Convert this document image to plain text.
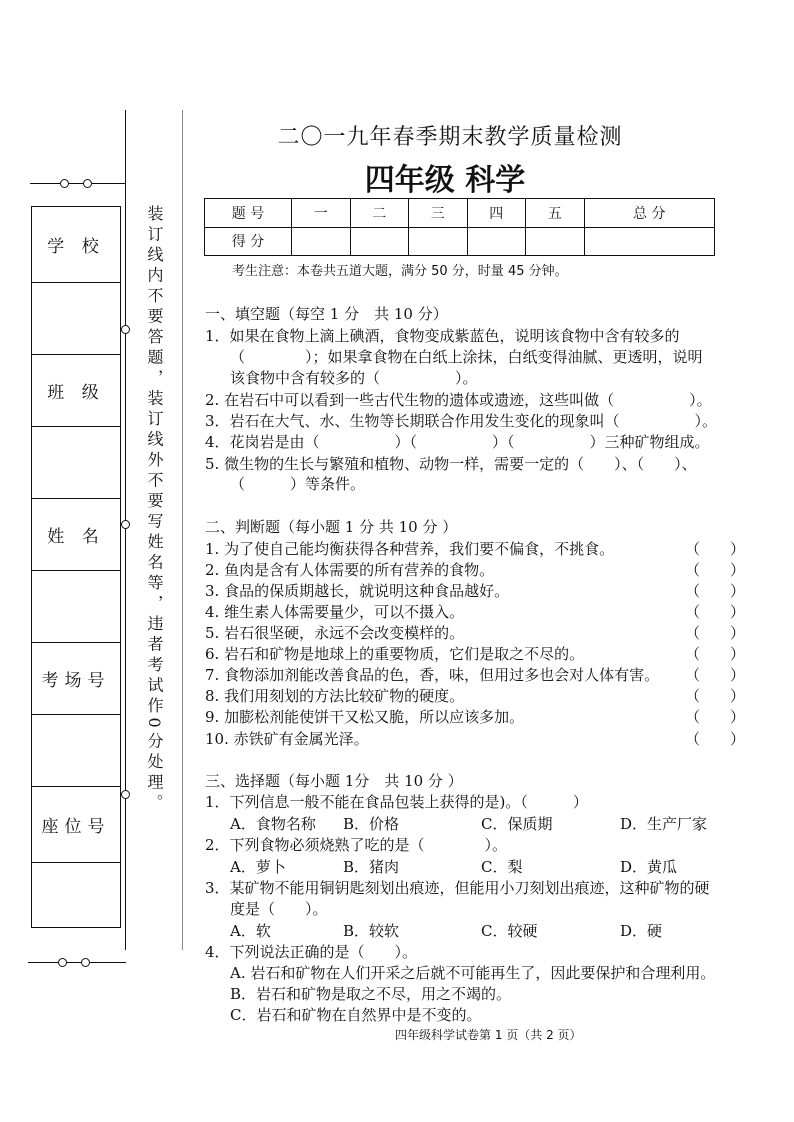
学 校
班 级
姓 名
考场号
座位号
装订线内不要答题，装订线外不要写姓名等，违者考试作0分处理。
二〇一九年春季期末教学质量检测
四年级 科学
题 号	一	二	三	四	五	总 分
得 分						
考生注意：本卷共五道大题，满分 50 分，时量 45 分钟。
一、填空题（每空 1 分　共 10 分）
1．如果在食物上滴上碘酒，食物变成紫蓝色，说明该食物中含有较多的
（　　　　）；如果拿食物在白纸上涂抹，白纸变得油腻、更透明，说明
该食物中含有较多的（　　　　　）。
2. 在岩石中可以看到一些古代生物的遗体或遗迹，这些叫做（　　　　　）。
3．岩石在大气、水、生物等长期联合作用发生变化的现象叫（　　　　　）。
4．花岗岩是由（　　　　　）（　　　　　）（　　　　　）三种矿物组成。
5. 微生物的生长与繁殖和植物、动物一样，需要一定的（　　）、（　　）、
（　　　）等条件。
二、判断题（每小题 1 分 共 10 分 ）
1. 为了使自己能均衡获得各种营养，我们要不偏食，不挑食。	（　　）
2. 鱼肉是含有人体需要的所有营养的食物。	（　　）
3. 食品的保质期越长，就说明这种食品越好。	（　　）
4. 维生素人体需要量少，可以不摄入。	（　　）
5. 岩石很坚硬，永远不会改变模样的。	（　　）
6. 岩石和矿物是地球上的重要物质，它们是取之不尽的。	（　　）
7. 食物添加剂能改善食品的色，香，味，但用过多也会对人体有害。 （　　）
8. 我们用刻划的方法比较矿物的硬度。	（　　）
9. 加膨松剂能使饼干又松又脆，所以应该多加。	（　　）
10. 赤铁矿有金属光泽。	（　　）
三、选择题（每小题 1分　共 10 分 ）
1．下列信息一般不能在食品包装上获得的是)。（　　　）
A．食物名称 B．价格	C．保质期	D．生产厂家
2．下列食物必须烧熟了吃的是（　　　　）。
A．萝卜	B．猪肉	C．梨	D．黄瓜
3．某矿物不能用铜钥匙刻划出痕迹，但能用小刀刻划出痕迹，这种矿物的硬
度是（　　）。
A．软	B．较软	C．较硬	D．硬
4．下列说法正确的是（　　）。
A. 岩石和矿物在人们开采之后就不可能再生了，因此要保护和合理利用。
B．岩石和矿物是取之不尽，用之不竭的。
C．岩石和矿物在自然界中是不变的。
四年级科学试卷第 1 页（共 2 页）
